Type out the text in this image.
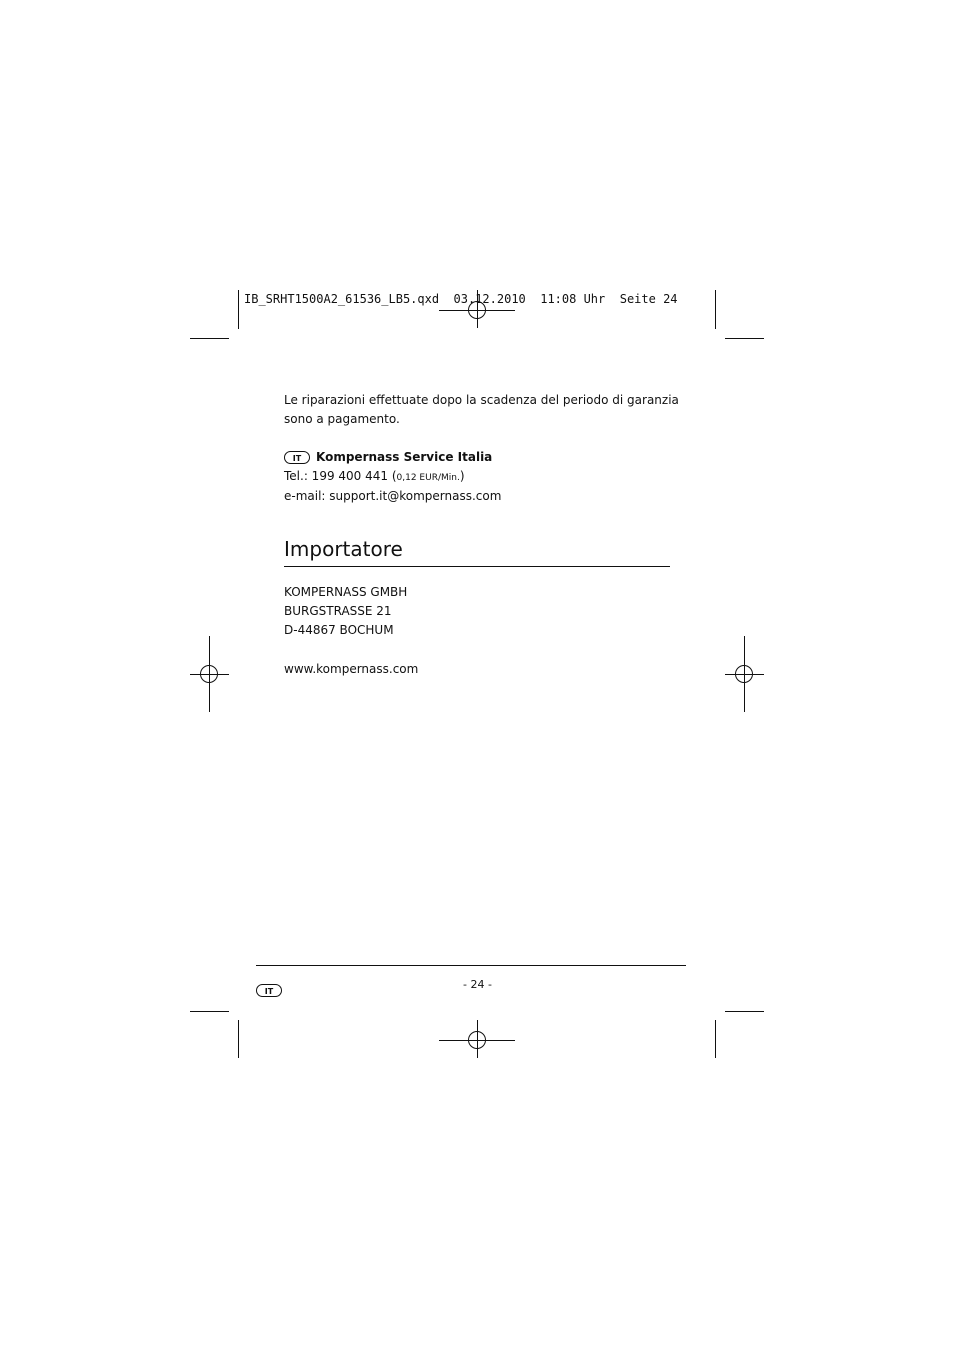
IB_SRHT1500A2_61536_LB5.qxd 03.12.2010 11:08 Uhr Seite 24
Le riparazioni effettuate dopo la scadenza del periodo di garanzia
sono a pagamento.
IT Kompernass Service Italia
Tel.: 199 400 441 (0,12 EUR/Min.)
e-mail: support.it@kompernass.com
Importatore
KOMPERNASS GMBH
BURGSTRASSE 21
D-44867 BOCHUM
www.kompernass.com
IT
- 24 -
